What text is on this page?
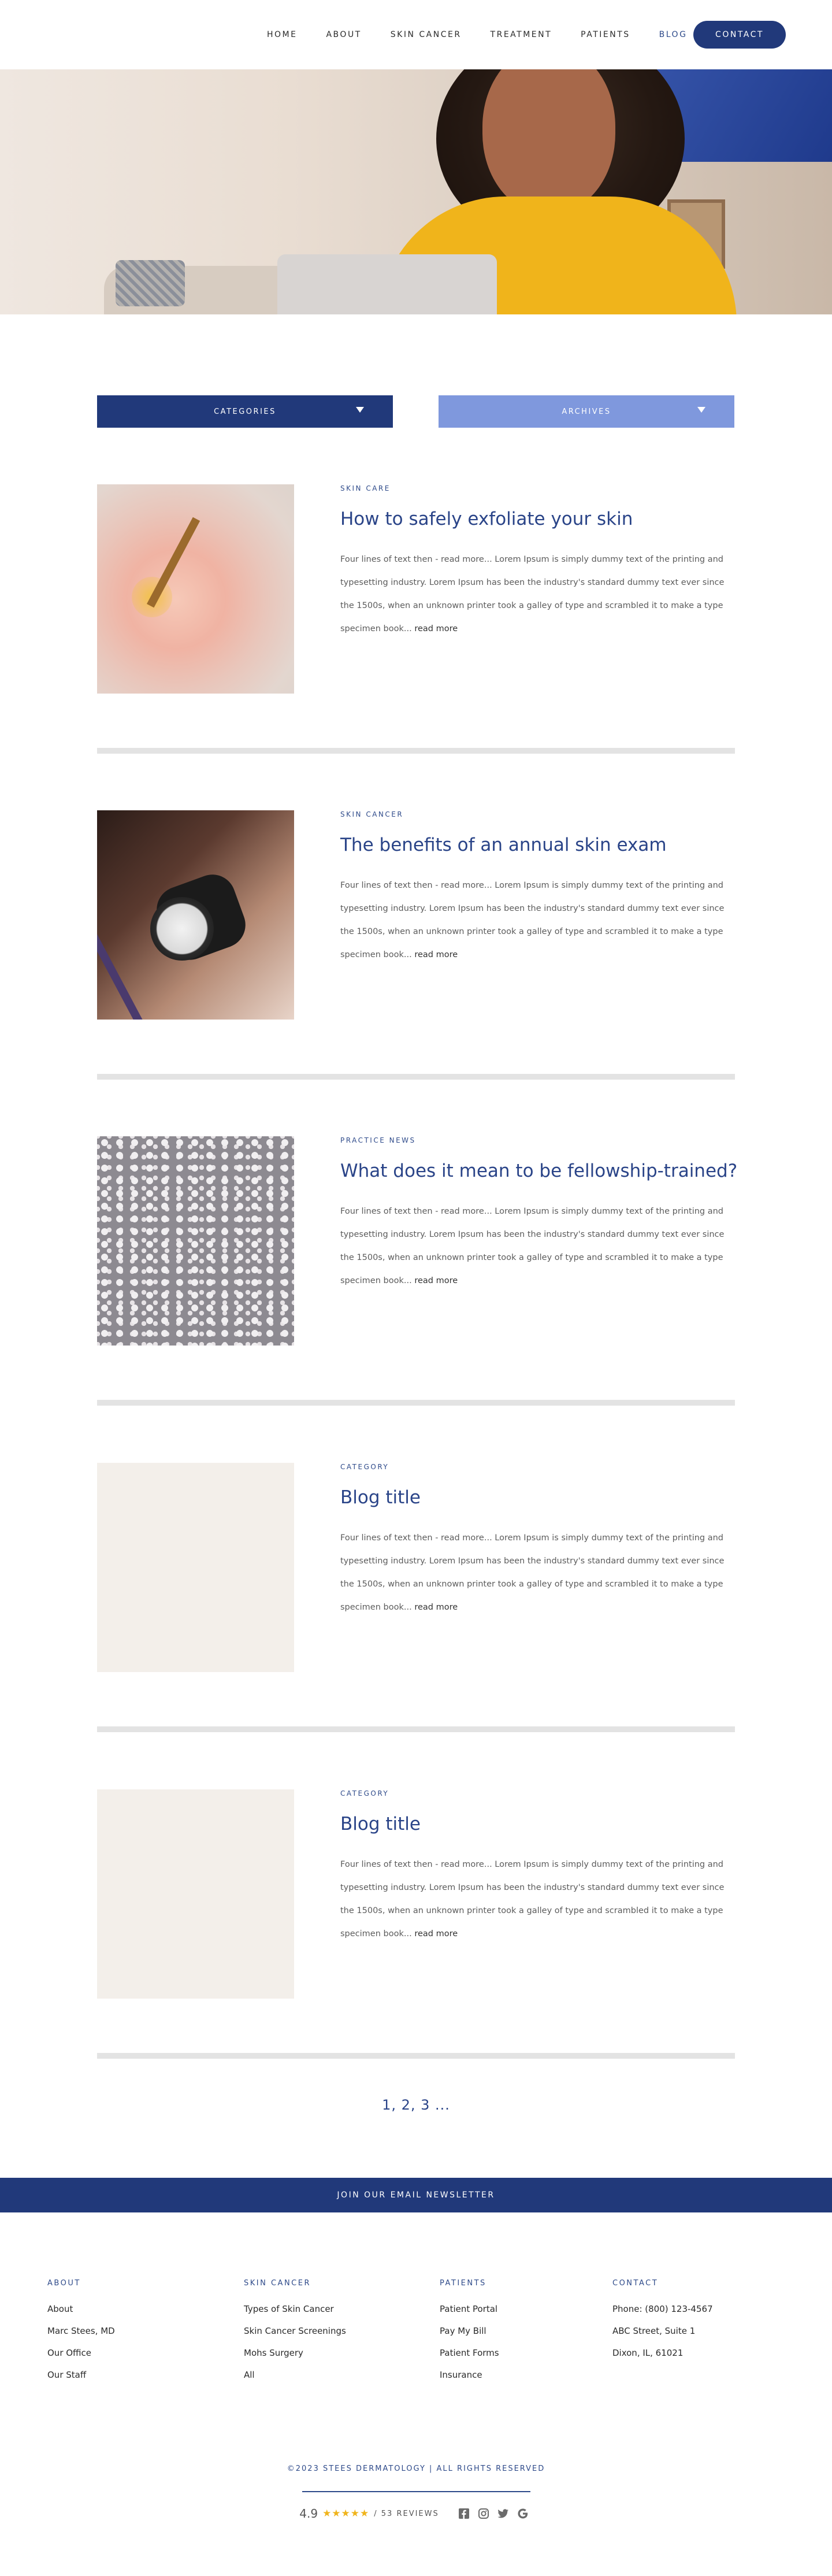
HOME	ABOUT	SKIN CANCER	TREATMENT	PATIENTS	BLOG	CONTACT
CATEGORIES	ARCHIVES
SKIN CARE
How to safely exfoliate your skin

Four lines of text then - read more... Lorem Ipsum is simply dummy text of the printing and typesetting industry. Lorem Ipsum has been the industry's standard dummy text ever since the 1500s, when an unknown printer took a galley of type and scrambled it to make a type specimen book... read more

SKIN CANCER
The benefits of an annual skin exam

Four lines of text then - read more... Lorem Ipsum is simply dummy text of the printing and typesetting industry. Lorem Ipsum has been the industry's standard dummy text ever since the 1500s, when an unknown printer took a galley of type and scrambled it to make a type specimen book... read more

PRACTICE NEWS
What does it mean to be fellowship-trained?

Four lines of text then - read more... Lorem Ipsum is simply dummy text of the printing and typesetting industry. Lorem Ipsum has been the industry's standard dummy text ever since the 1500s, when an unknown printer took a galley of type and scrambled it to make a type specimen book... read more

CATEGORY
Blog title

Four lines of text then - read more... Lorem Ipsum is simply dummy text of the printing and typesetting industry. Lorem Ipsum has been the industry's standard dummy text ever since the 1500s, when an unknown printer took a galley of type and scrambled it to make a type specimen book... read more

CATEGORY
Blog title

Four lines of text then - read more... Lorem Ipsum is simply dummy text of the printing and typesetting industry. Lorem Ipsum has been the industry's standard dummy text ever since the 1500s, when an unknown printer took a galley of type and scrambled it to make a type specimen book... read more

1, 2, 3 ...
JOIN OUR EMAIL NEWSLETTER
ABOUT
About
Marc Stees, MD
Our Office
Our Staff
SKIN CANCER
Types of Skin Cancer
Skin Cancer Screenings
Mohs Surgery
All
PATIENTS
Patient Portal
Pay My Bill
Patient Forms
Insurance
CONTACT
Phone: (800) 123-4567
ABC Street, Suite 1
Dixon, IL, 61021
©2023 STEES DERMATOLOGY | ALL RIGHTS RESERVED
4.9 ★★★★★ / 53 REVIEWS
